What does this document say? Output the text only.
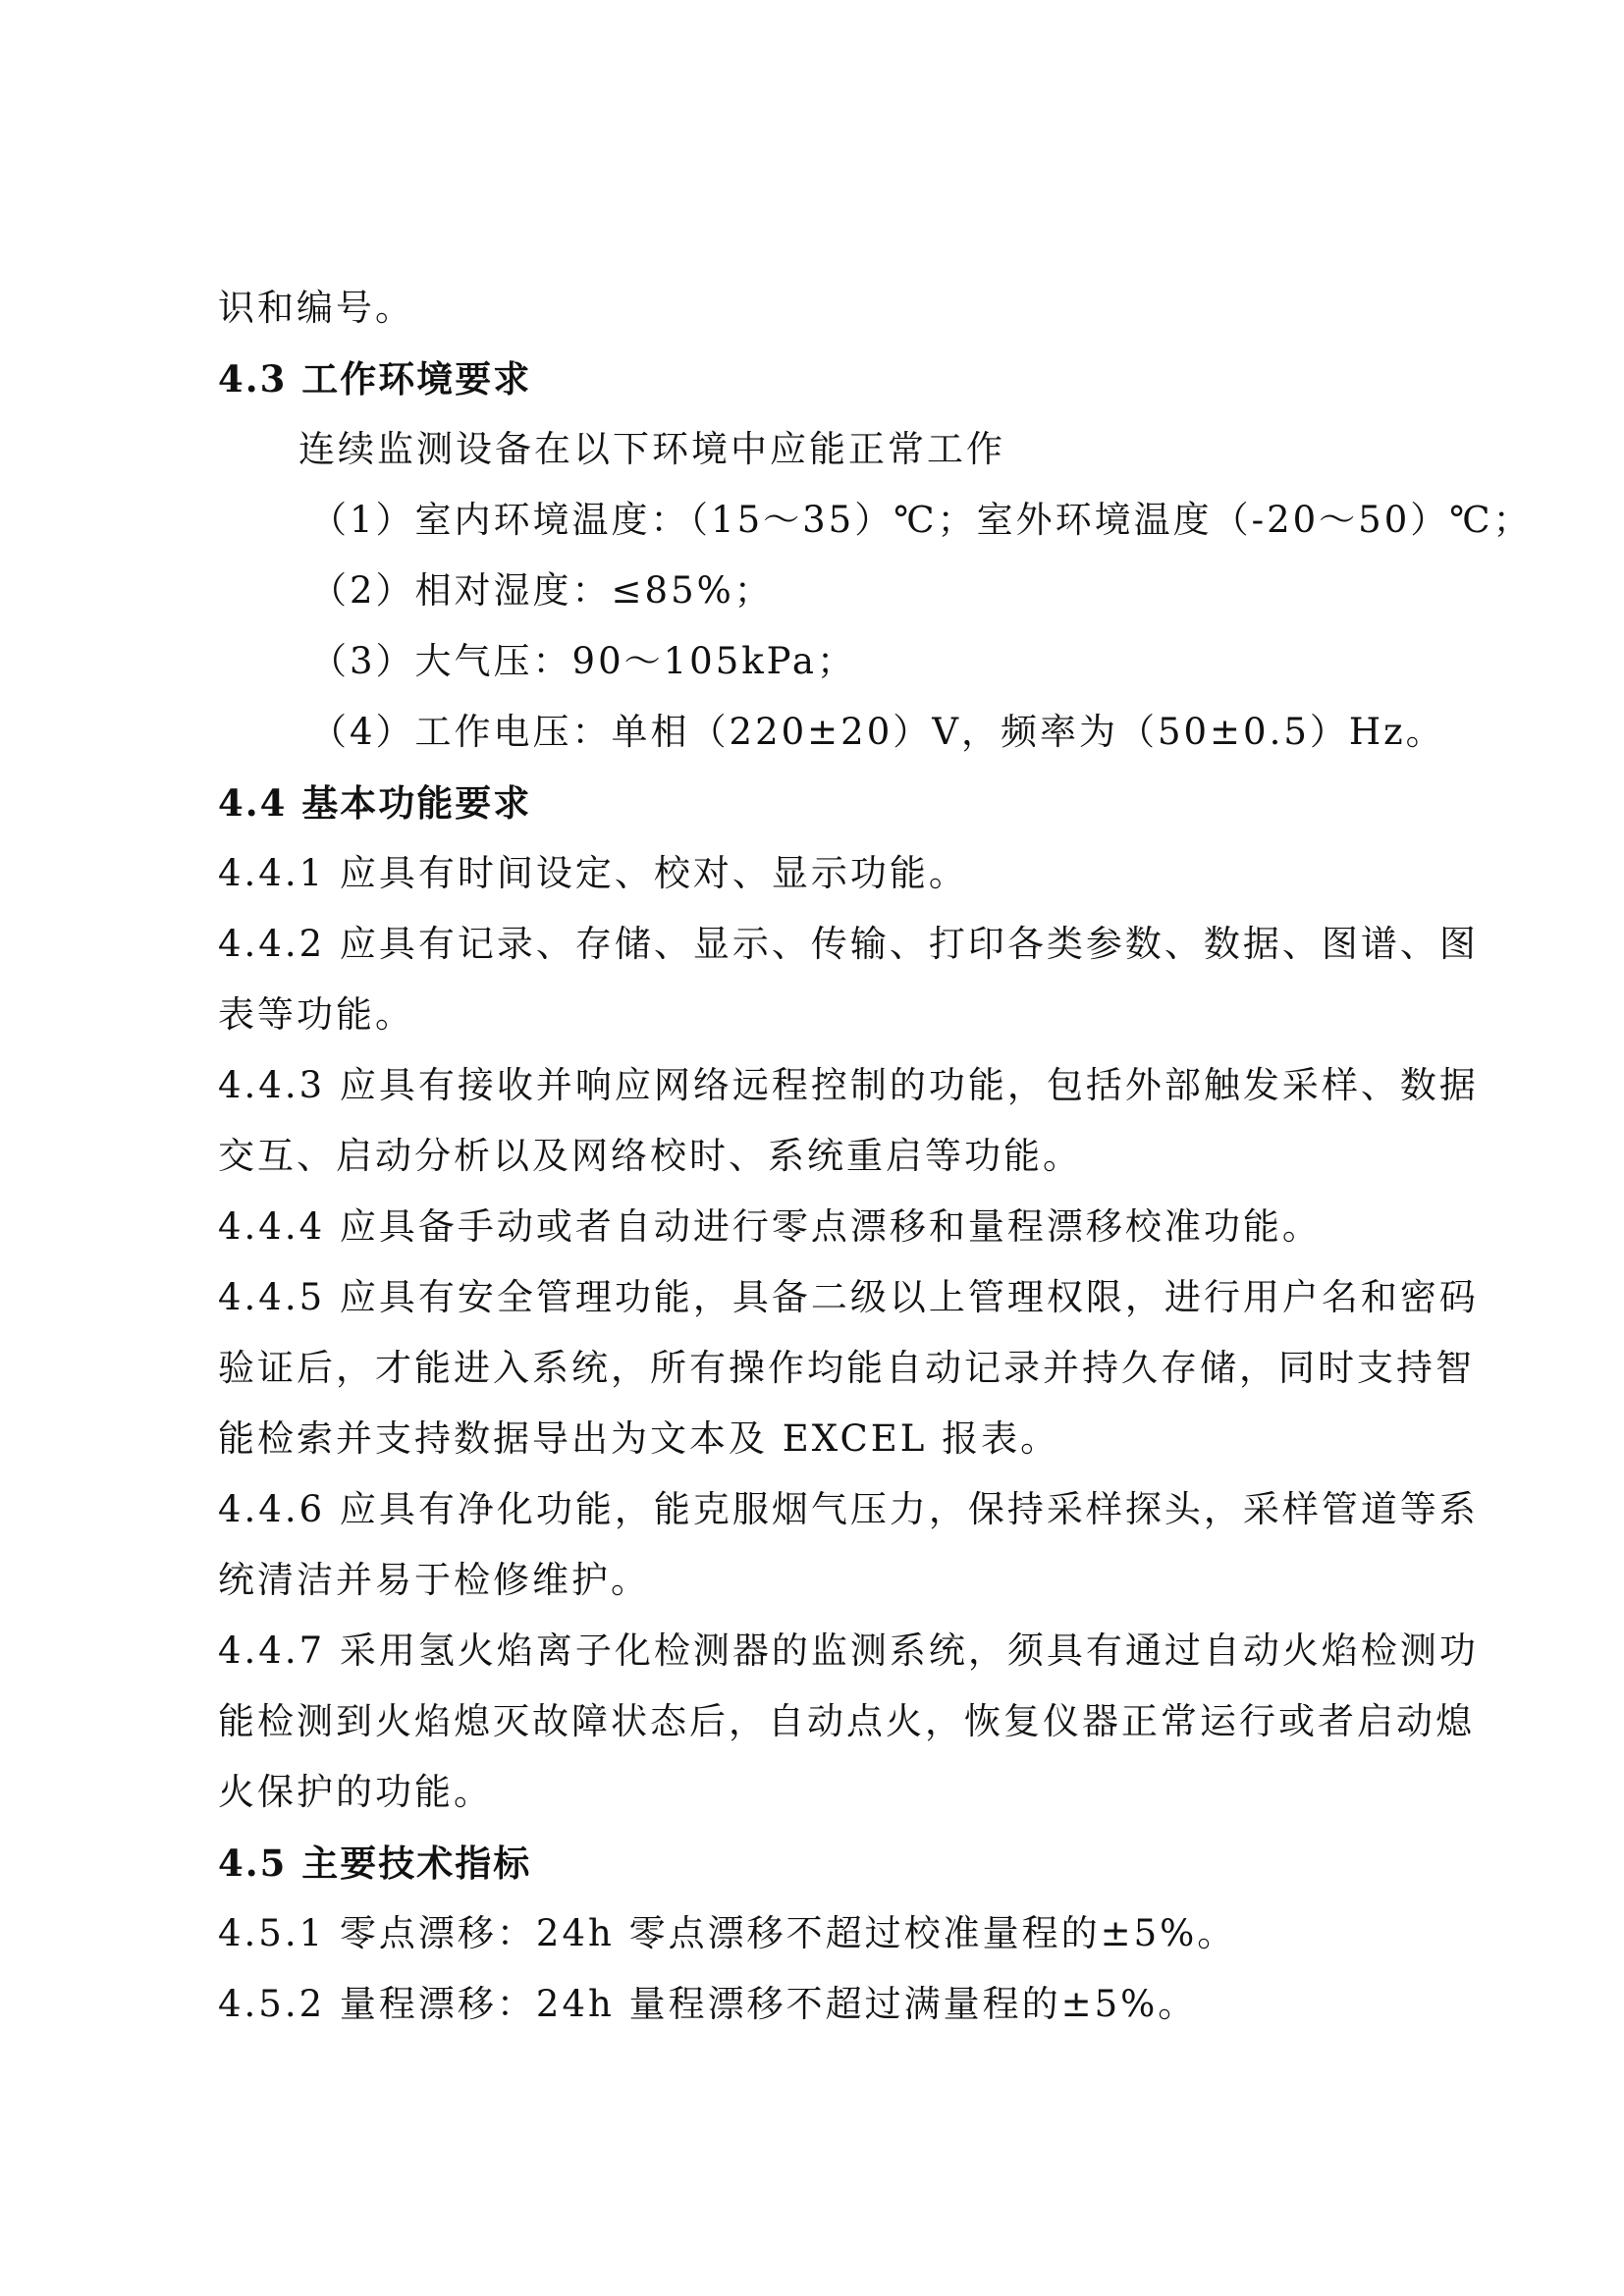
识和编号。
4.3 工作环境要求
连续监测设备在以下环境中应能正常工作
（1）室内环境温度：（15～35）℃；室外环境温度（-20～50）℃；
（2）相对湿度：≤85%；
（3）大气压：90～105kPa；
（4）工作电压：单相（220±20）V，频率为（50±0.5）Hz。
4.4 基本功能要求
4.4.1 应具有时间设定、校对、显示功能。
4.4.2 应具有记录、存储、显示、传输、打印各类参数、数据、图谱、图
表等功能。
4.4.3 应具有接收并响应网络远程控制的功能，包括外部触发采样、数据
交互、启动分析以及网络校时、系统重启等功能。
4.4.4 应具备手动或者自动进行零点漂移和量程漂移校准功能。
4.4.5 应具有安全管理功能，具备二级以上管理权限，进行用户名和密码
验证后，才能进入系统，所有操作均能自动记录并持久存储，同时支持智
能检索并支持数据导出为文本及 EXCEL 报表。
4.4.6 应具有净化功能，能克服烟气压力，保持采样探头，采样管道等系
统清洁并易于检修维护。
4.4.7 采用氢火焰离子化检测器的监测系统，须具有通过自动火焰检测功
能检测到火焰熄灭故障状态后，自动点火，恢复仪器正常运行或者启动熄
火保护的功能。
4.5 主要技术指标
4.5.1 零点漂移：24h 零点漂移不超过校准量程的±5%。
4.5.2 量程漂移：24h 量程漂移不超过满量程的±5%。
